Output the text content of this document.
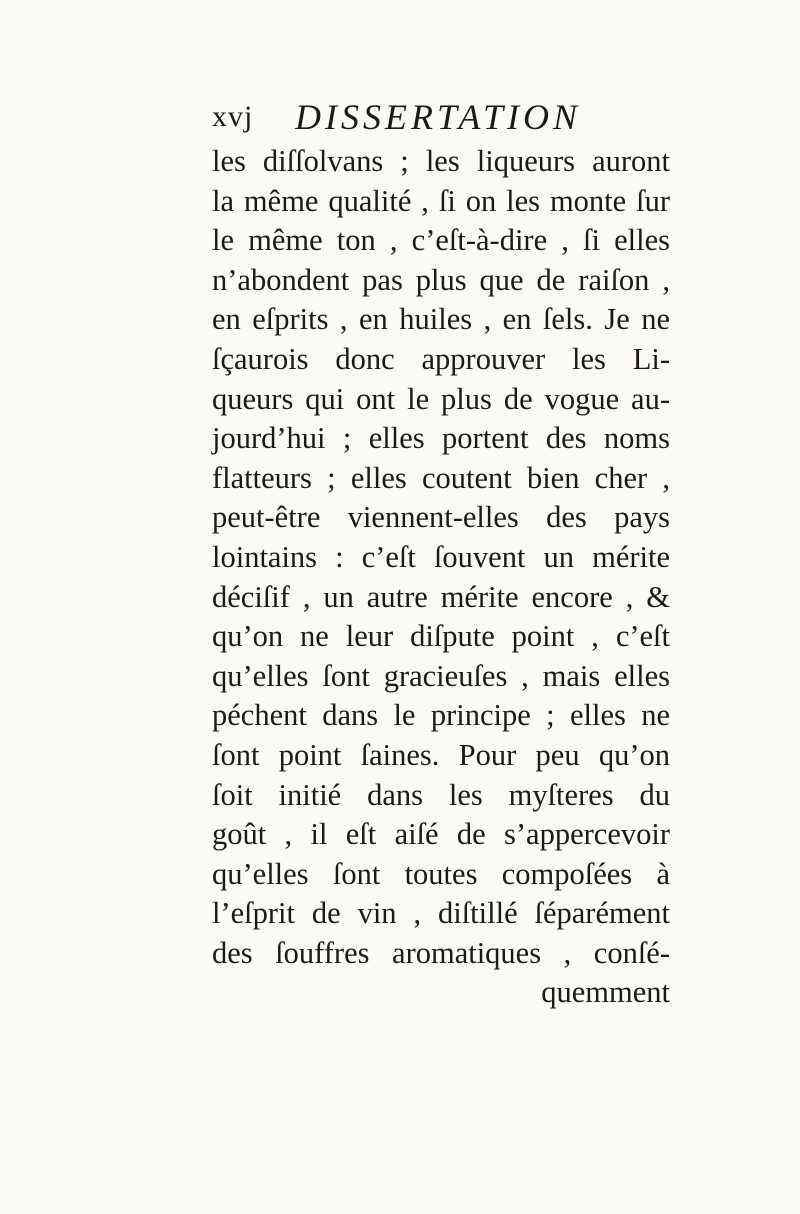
xvj DISSERTATION
les diſſolvans ; les liqueurs auront
la même qualité , ſi on les monte ſur
le même ton , c’eſt-à-dire , ſi elles
n’abondent pas plus que de raiſon ,
en eſprits , en huiles , en ſels. Je ne
ſçaurois donc approuver les Li-
queurs qui ont le plus de vogue au-
jourd’hui ; elles portent des noms
flatteurs ; elles coutent bien cher ,
peut-être viennent-elles des pays
lointains : c’eſt ſouvent un mérite
déciſif , un autre mérite encore , &
qu’on ne leur diſpute point , c’eſt
qu’elles ſont gracieuſes , mais elles
péchent dans le principe ; elles ne
ſont point ſaines. Pour peu qu’on
ſoit initié dans les myſteres du
goût , il eſt aiſé de s’appercevoir
qu’elles ſont toutes compoſées à
l’eſprit de vin , diſtillé ſéparément
des ſouffres aromatiques , conſé-
quemment
